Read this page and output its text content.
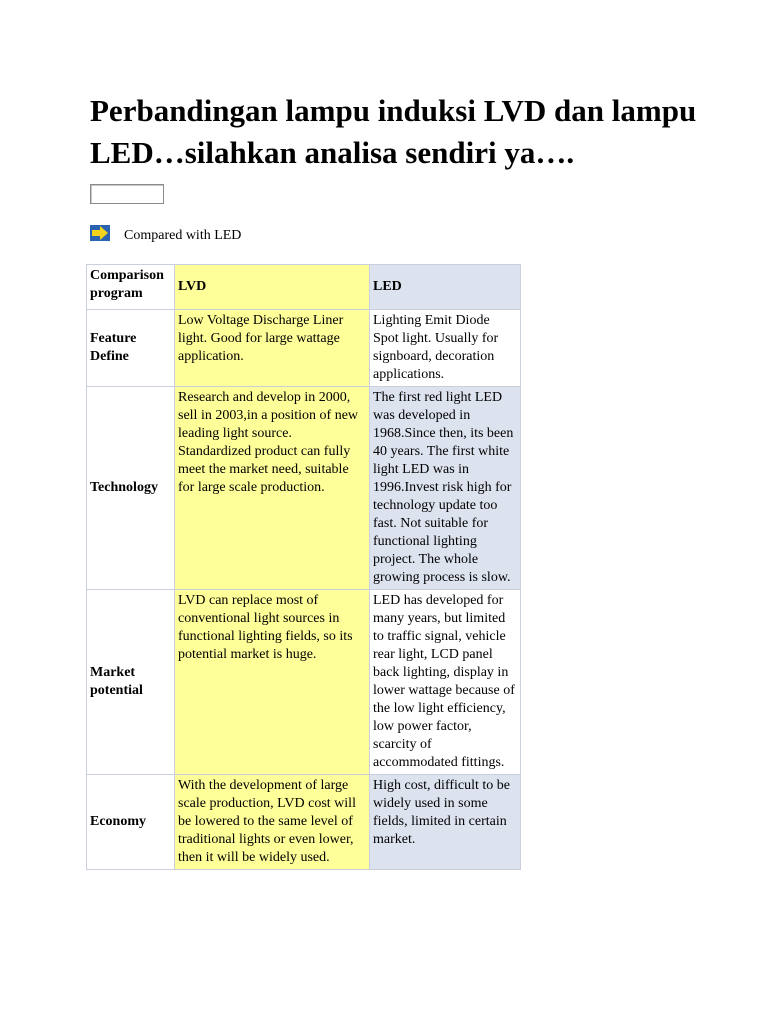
Perbandingan lampu induksi LVD dan lampu LED…silahkan analisa sendiri ya….
Compared with LED
Comparison program	LVD	LED
Feature Define	Low Voltage Discharge Liner light. Good for large wattage application.	Lighting Emit Diode Spot light. Usually for signboard, decoration applications.
Technology	Research and develop in 2000, sell in 2003,in a position of new leading light source. Standardized product can fully meet the market need, suitable for large scale production.	The first red light LED was developed in 1968.Since then, its been 40 years. The first white light LED was in 1996.Invest risk high for technology update too fast. Not suitable for functional lighting project. The whole growing process is slow.
Market potential	LVD can replace most of conventional light sources in functional lighting fields, so its potential market is huge.	LED has developed for many years, but limited to traffic signal, vehicle rear light, LCD panel back lighting, display in lower wattage because of the low light efficiency, low power factor, scarcity of accommodated fittings.
Economy	With the development of large scale production, LVD cost will be lowered to the same level of traditional lights or even lower, then it will be widely used.	High cost, difficult to be widely used in some fields, limited in certain market.
